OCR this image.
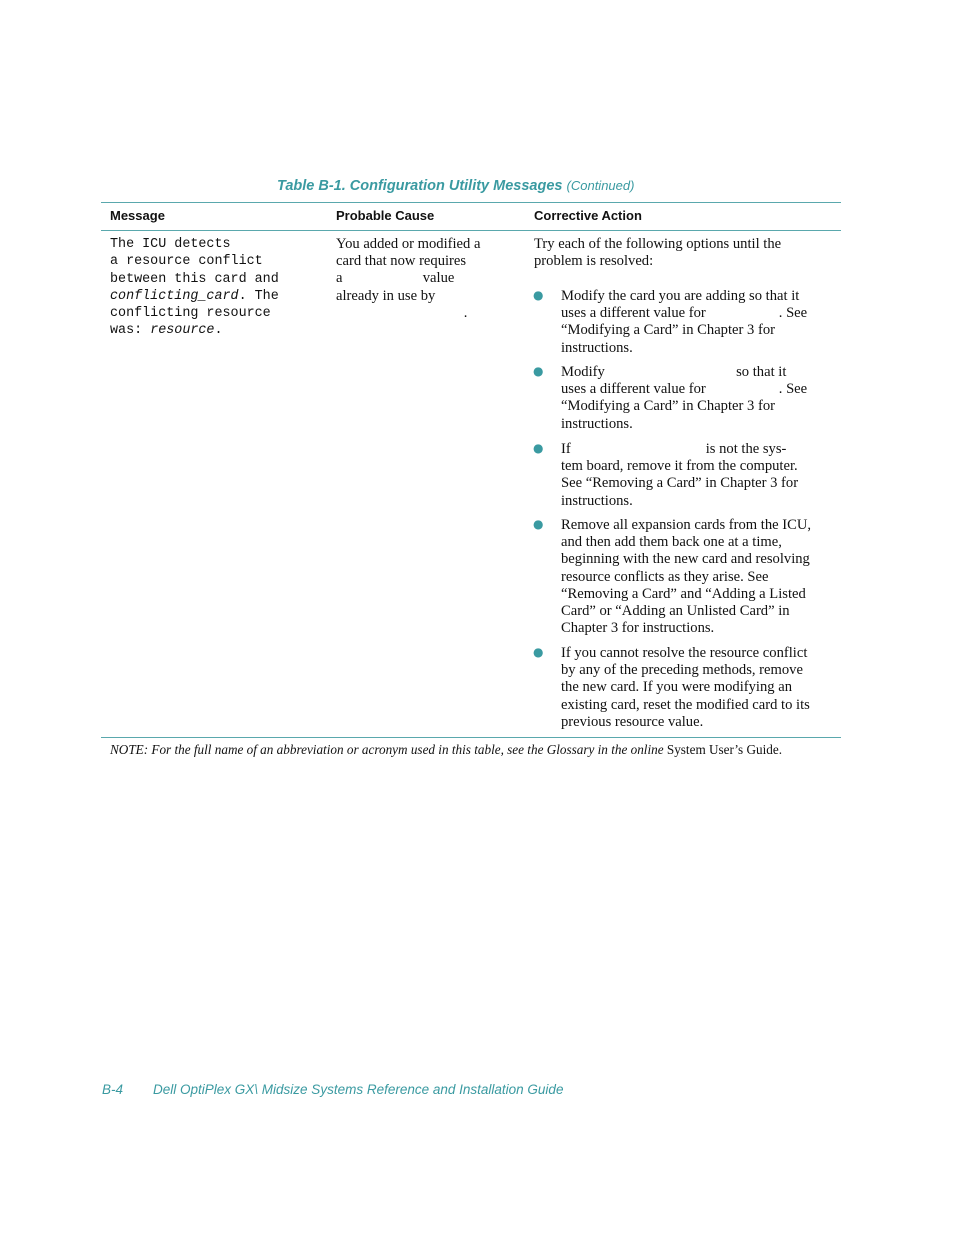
Table B-1. Configuration Utility Messages (Continued)
Message	Probable Cause	Corrective Action
The ICU detects
a resource conflict
between this card and
conflicting_card. The
conflicting resource
was: resource.
You added or modified a
card that now requires
a                      value
already in use by
.
Try each of the following options until the problem is resolved:
● Modify the card you are adding so that it
uses a different value for                    . See
“Modifying a Card” in Chapter 3 for
instructions.
● Modify                                    so that it
uses a different value for                    . See
“Modifying a Card” in Chapter 3 for
instructions.
● If                                     is not the sys-
tem board, remove it from the computer.
See “Removing a Card” in Chapter 3 for
instructions.
● Remove all expansion cards from the ICU,
and then add them back one at a time,
beginning with the new card and resolving
resource conflicts as they arise. See
“Removing a Card” and “Adding a Listed
Card” or “Adding an Unlisted Card” in
Chapter 3 for instructions.
● If you cannot resolve the resource conflict
by any of the preceding methods, remove
the new card. If you were modifying an
existing card, reset the modified card to its
previous resource value.
NOTE: For the full name of an abbreviation or acronym used in this table, see the Glossary in the online System User’s Guide.
B-4 Dell OptiPlex GX\ Midsize Systems Reference and Installation Guide
